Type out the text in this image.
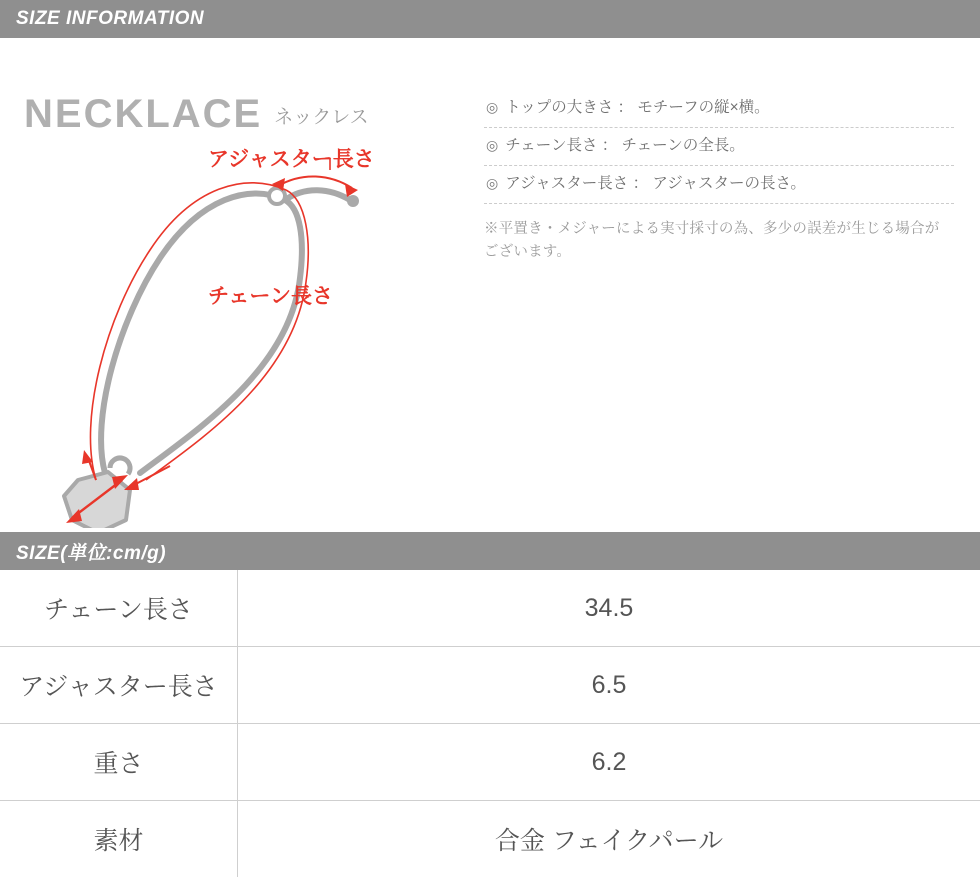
SIZE INFORMATION
NECKLACE ネックレス
アジャスター長さ
チェーン長さ
◎ トップの大きさ ： モチーフの縦×横。
◎ チェーン長さ ： チェーンの全長。
◎ アジャスター長さ ： アジャスターの長さ。
※平置き・メジャーによる実寸採寸の為、多少の誤差が生じる場合がございます。
SIZE(単位:cm/g)
チェーン長さ	34.5
アジャスター長さ	6.5
重さ	6.2
素材	合金 フェイクパール
